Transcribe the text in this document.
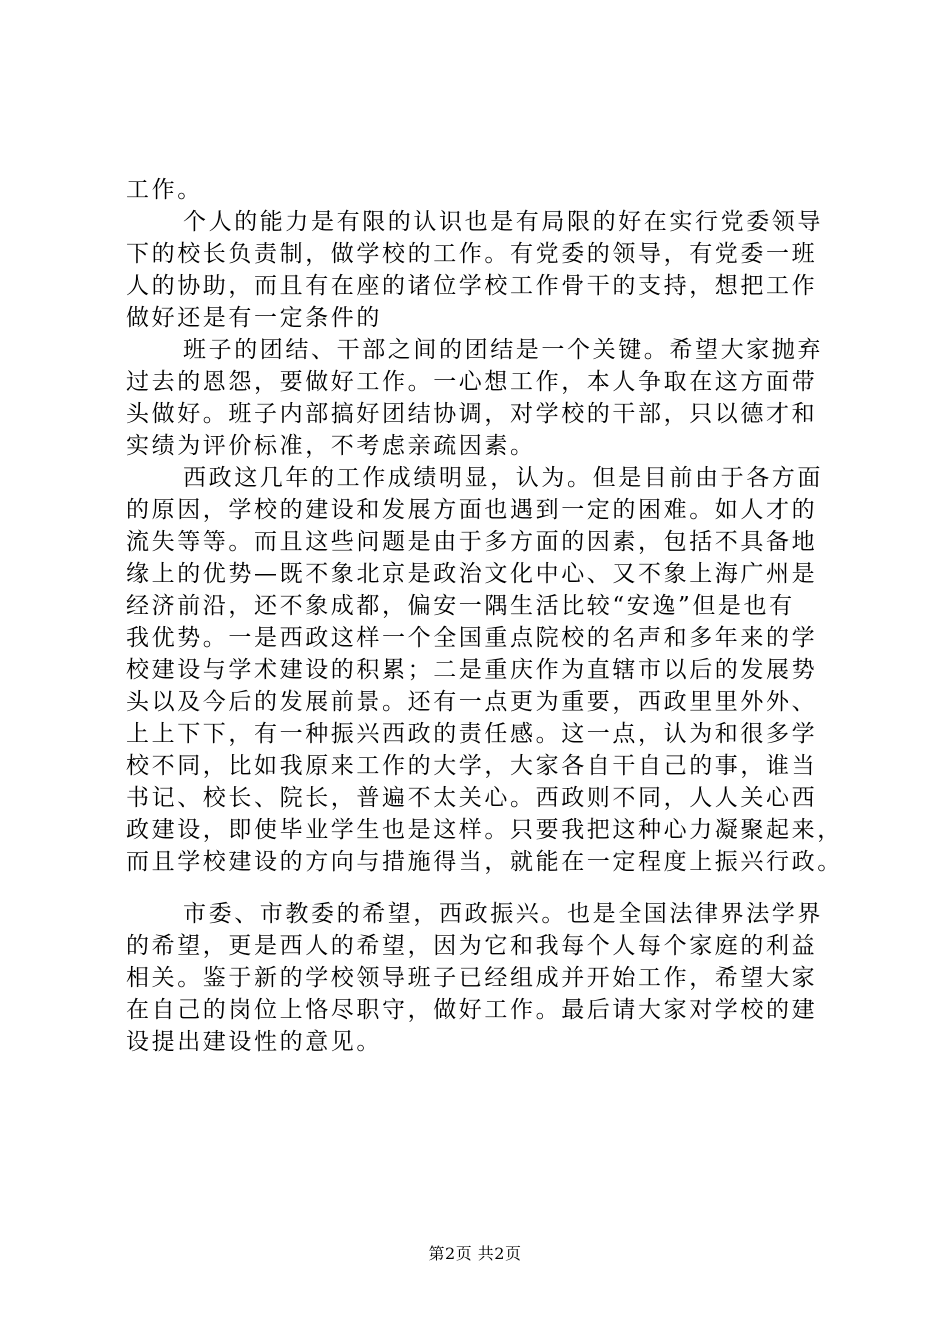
工作。
个人的能力是有限的认识也是有局限的好在实行党委领导
下的校长负责制，做学校的工作。有党委的领导，有党委一班
人的协助，而且有在座的诸位学校工作骨干的支持，想把工作
做好还是有一定条件的
班子的团结、干部之间的团结是一个关键。希望大家抛弃
过去的恩怨，要做好工作。一心想工作，本人争取在这方面带
头做好。班子内部搞好团结协调，对学校的干部，只以德才和
实绩为评价标准，不考虑亲疏因素。
西政这几年的工作成绩明显，认为。但是目前由于各方面
的原因，学校的建设和发展方面也遇到一定的困难。如人才的
流失等等。而且这些问题是由于多方面的因素，包括不具备地
缘上的优势—既不象北京是政治文化中心、又不象上海广州是
经济前沿，还不象成都，偏安一隅生活比较“安逸”但是也有
我优势。一是西政这样一个全国重点院校的名声和多年来的学
校建设与学术建设的积累；二是重庆作为直辖市以后的发展势
头以及今后的发展前景。还有一点更为重要，西政里里外外、
上上下下，有一种振兴西政的责任感。这一点，认为和很多学
校不同，比如我原来工作的大学，大家各自干自己的事，谁当
书记、校长、院长，普遍不太关心。西政则不同，人人关心西
政建设，即使毕业学生也是这样。只要我把这种心力凝聚起来，
而且学校建设的方向与措施得当，就能在一定程度上振兴行政。
市委、市教委的希望，西政振兴。也是全国法律界法学界
的希望，更是西人的希望，因为它和我每个人每个家庭的利益
相关。鉴于新的学校领导班子已经组成并开始工作，希望大家
在自己的岗位上恪尽职守，做好工作。最后请大家对学校的建
设提出建设性的意见。
第2页 共2页
